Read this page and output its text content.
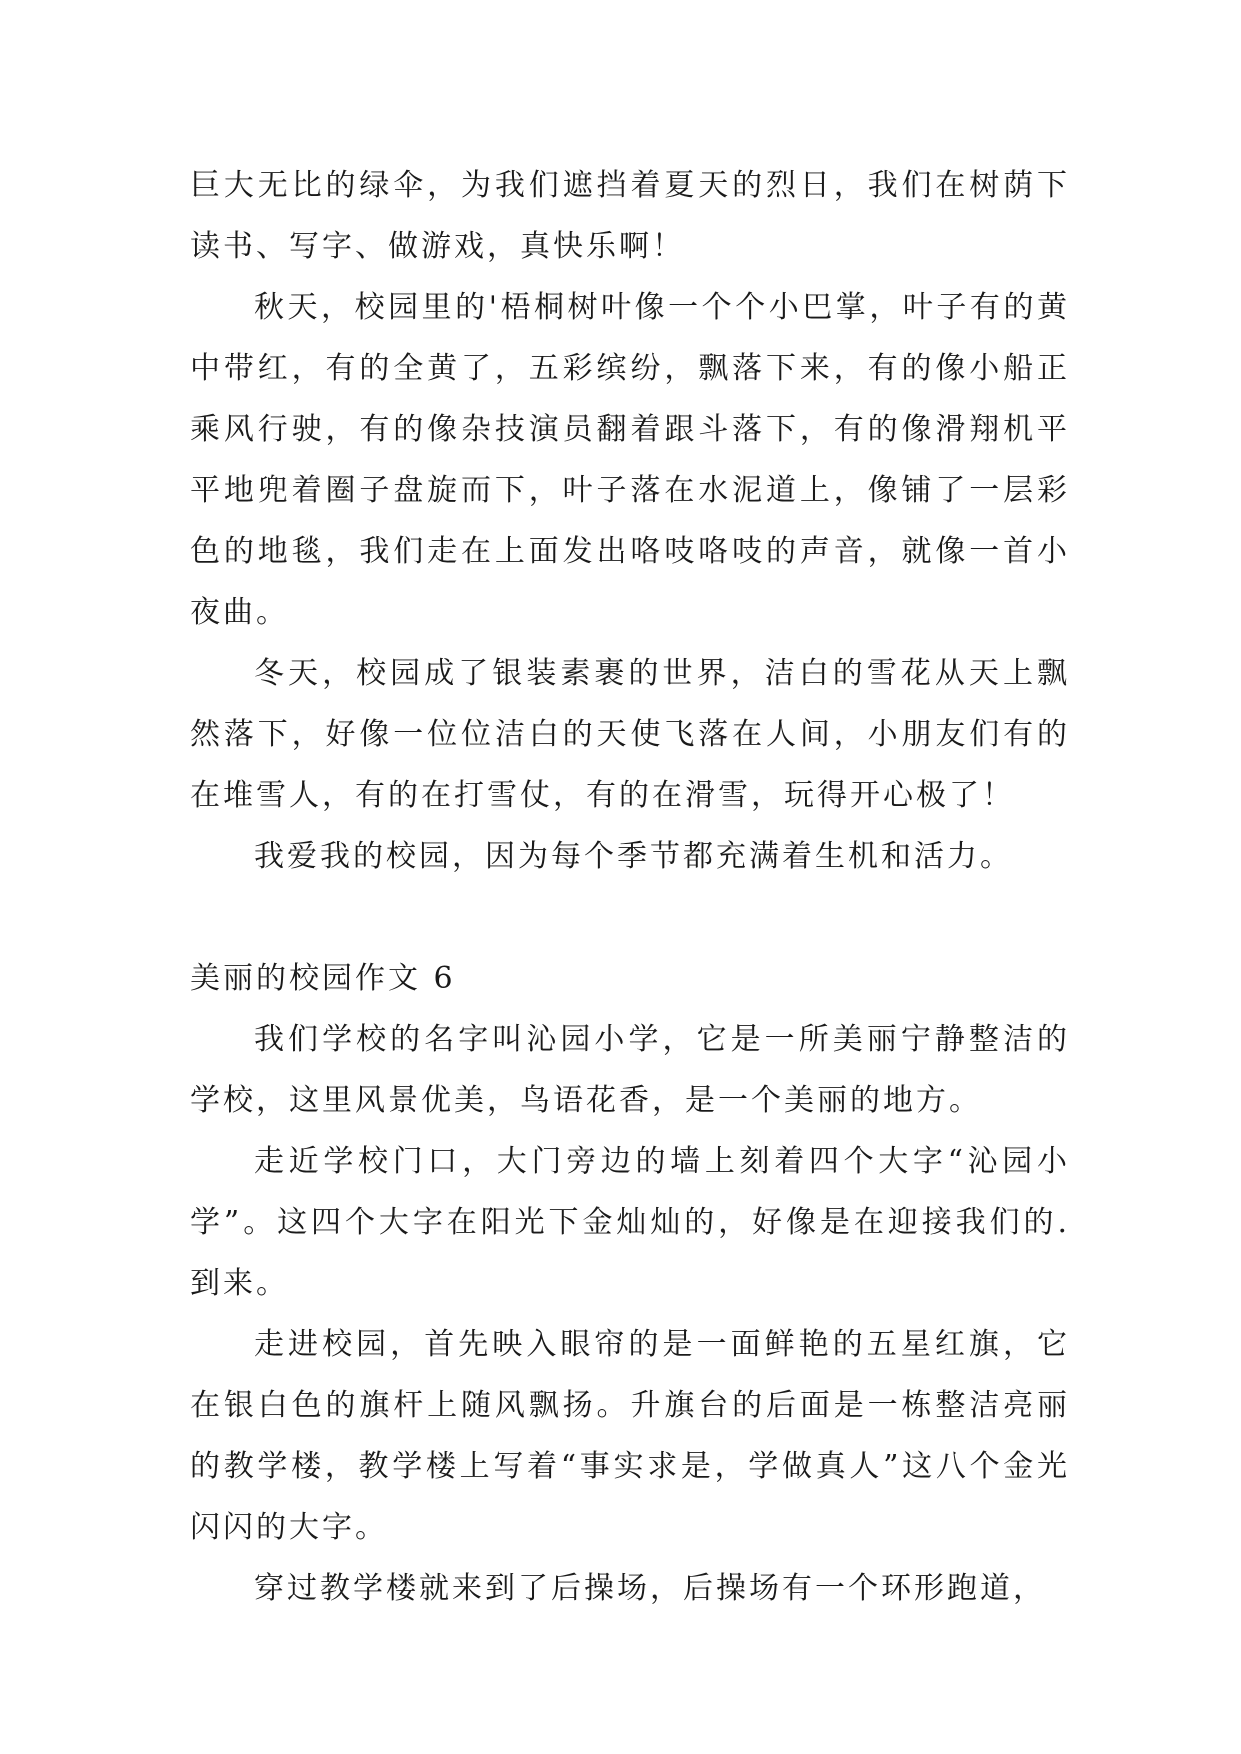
巨大无比的绿伞，为我们遮挡着夏天的烈日，我们在树荫下读书、写字、做游戏，真快乐啊！

秋天，校园里的'梧桐树叶像一个个小巴掌，叶子有的黄中带红，有的全黄了，五彩缤纷，飘落下来，有的像小船正乘风行驶，有的像杂技演员翻着跟斗落下，有的像滑翔机平平地兜着圈子盘旋而下，叶子落在水泥道上，像铺了一层彩色的地毯，我们走在上面发出咯吱咯吱的声音，就像一首小夜曲。

冬天，校园成了银装素裹的世界，洁白的雪花从天上飘然落下，好像一位位洁白的天使飞落在人间，小朋友们有的在堆雪人，有的在打雪仗，有的在滑雪，玩得开心极了！

我爱我的校园，因为每个季节都充满着生机和活力。

美丽的校园作文 6

我们学校的名字叫沁园小学，它是一所美丽宁静整洁的学校，这里风景优美，鸟语花香，是一个美丽的地方。

走近学校门口，大门旁边的墙上刻着四个大字“沁园小学”。这四个大字在阳光下金灿灿的，好像是在迎接我们的.到来。

走进校园，首先映入眼帘的是一面鲜艳的五星红旗，它在银白色的旗杆上随风飘扬。升旗台的后面是一栋整洁亮丽的教学楼，教学楼上写着“事实求是，学做真人”这八个金光闪闪的大字。

穿过教学楼就来到了后操场，后操场有一个环形跑道，
